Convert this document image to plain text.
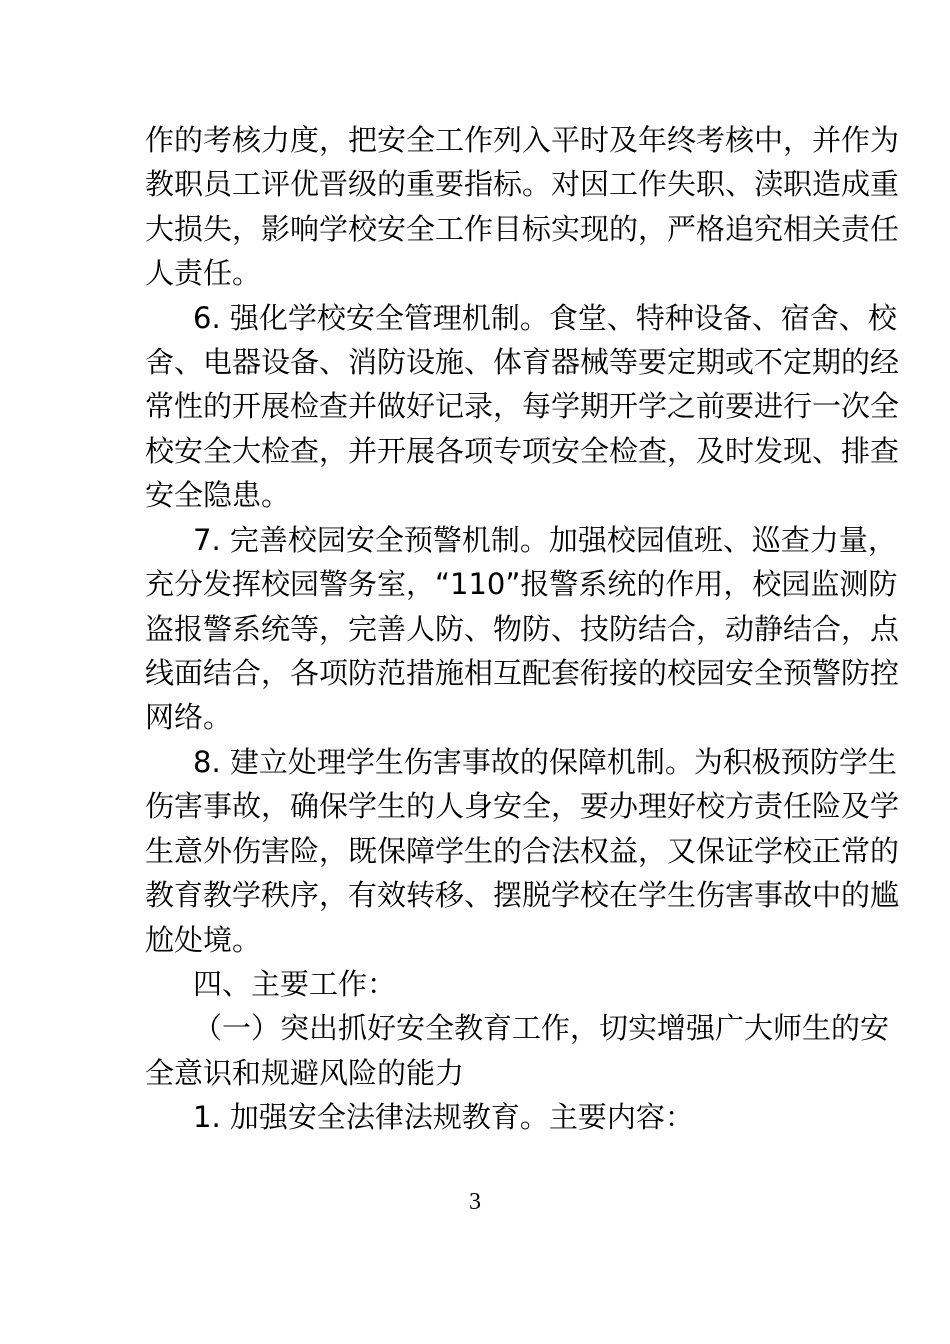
作的考核力度，把安全工作列入平时及年终考核中，并作为
教职员工评优晋级的重要指标。对因工作失职、渎职造成重
大损失，影响学校安全工作目标实现的，严格追究相关责任
人责任。
6. 强化学校安全管理机制。食堂、特种设备、宿舍、校
舍、电器设备、消防设施、体育器械等要定期或不定期的经
常性的开展检查并做好记录，每学期开学之前要进行一次全
校安全大检查，并开展各项专项安全检查，及时发现、排查
安全隐患。
7. 完善校园安全预警机制。加强校园值班、巡查力量，
充分发挥校园警务室，“110”报警系统的作用，校园监测防
盗报警系统等，完善人防、物防、技防结合，动静结合，点
线面结合，各项防范措施相互配套衔接的校园安全预警防控
网络。
8. 建立处理学生伤害事故的保障机制。为积极预防学生
伤害事故，确保学生的人身安全，要办理好校方责任险及学
生意外伤害险，既保障学生的合法权益，又保证学校正常的
教育教学秩序，有效转移、摆脱学校在学生伤害事故中的尴
尬处境。
四、主要工作：
（一）突出抓好安全教育工作，切实增强广大师生的安
全意识和规避风险的能力
1. 加强安全法律法规教育。主要内容：
3
